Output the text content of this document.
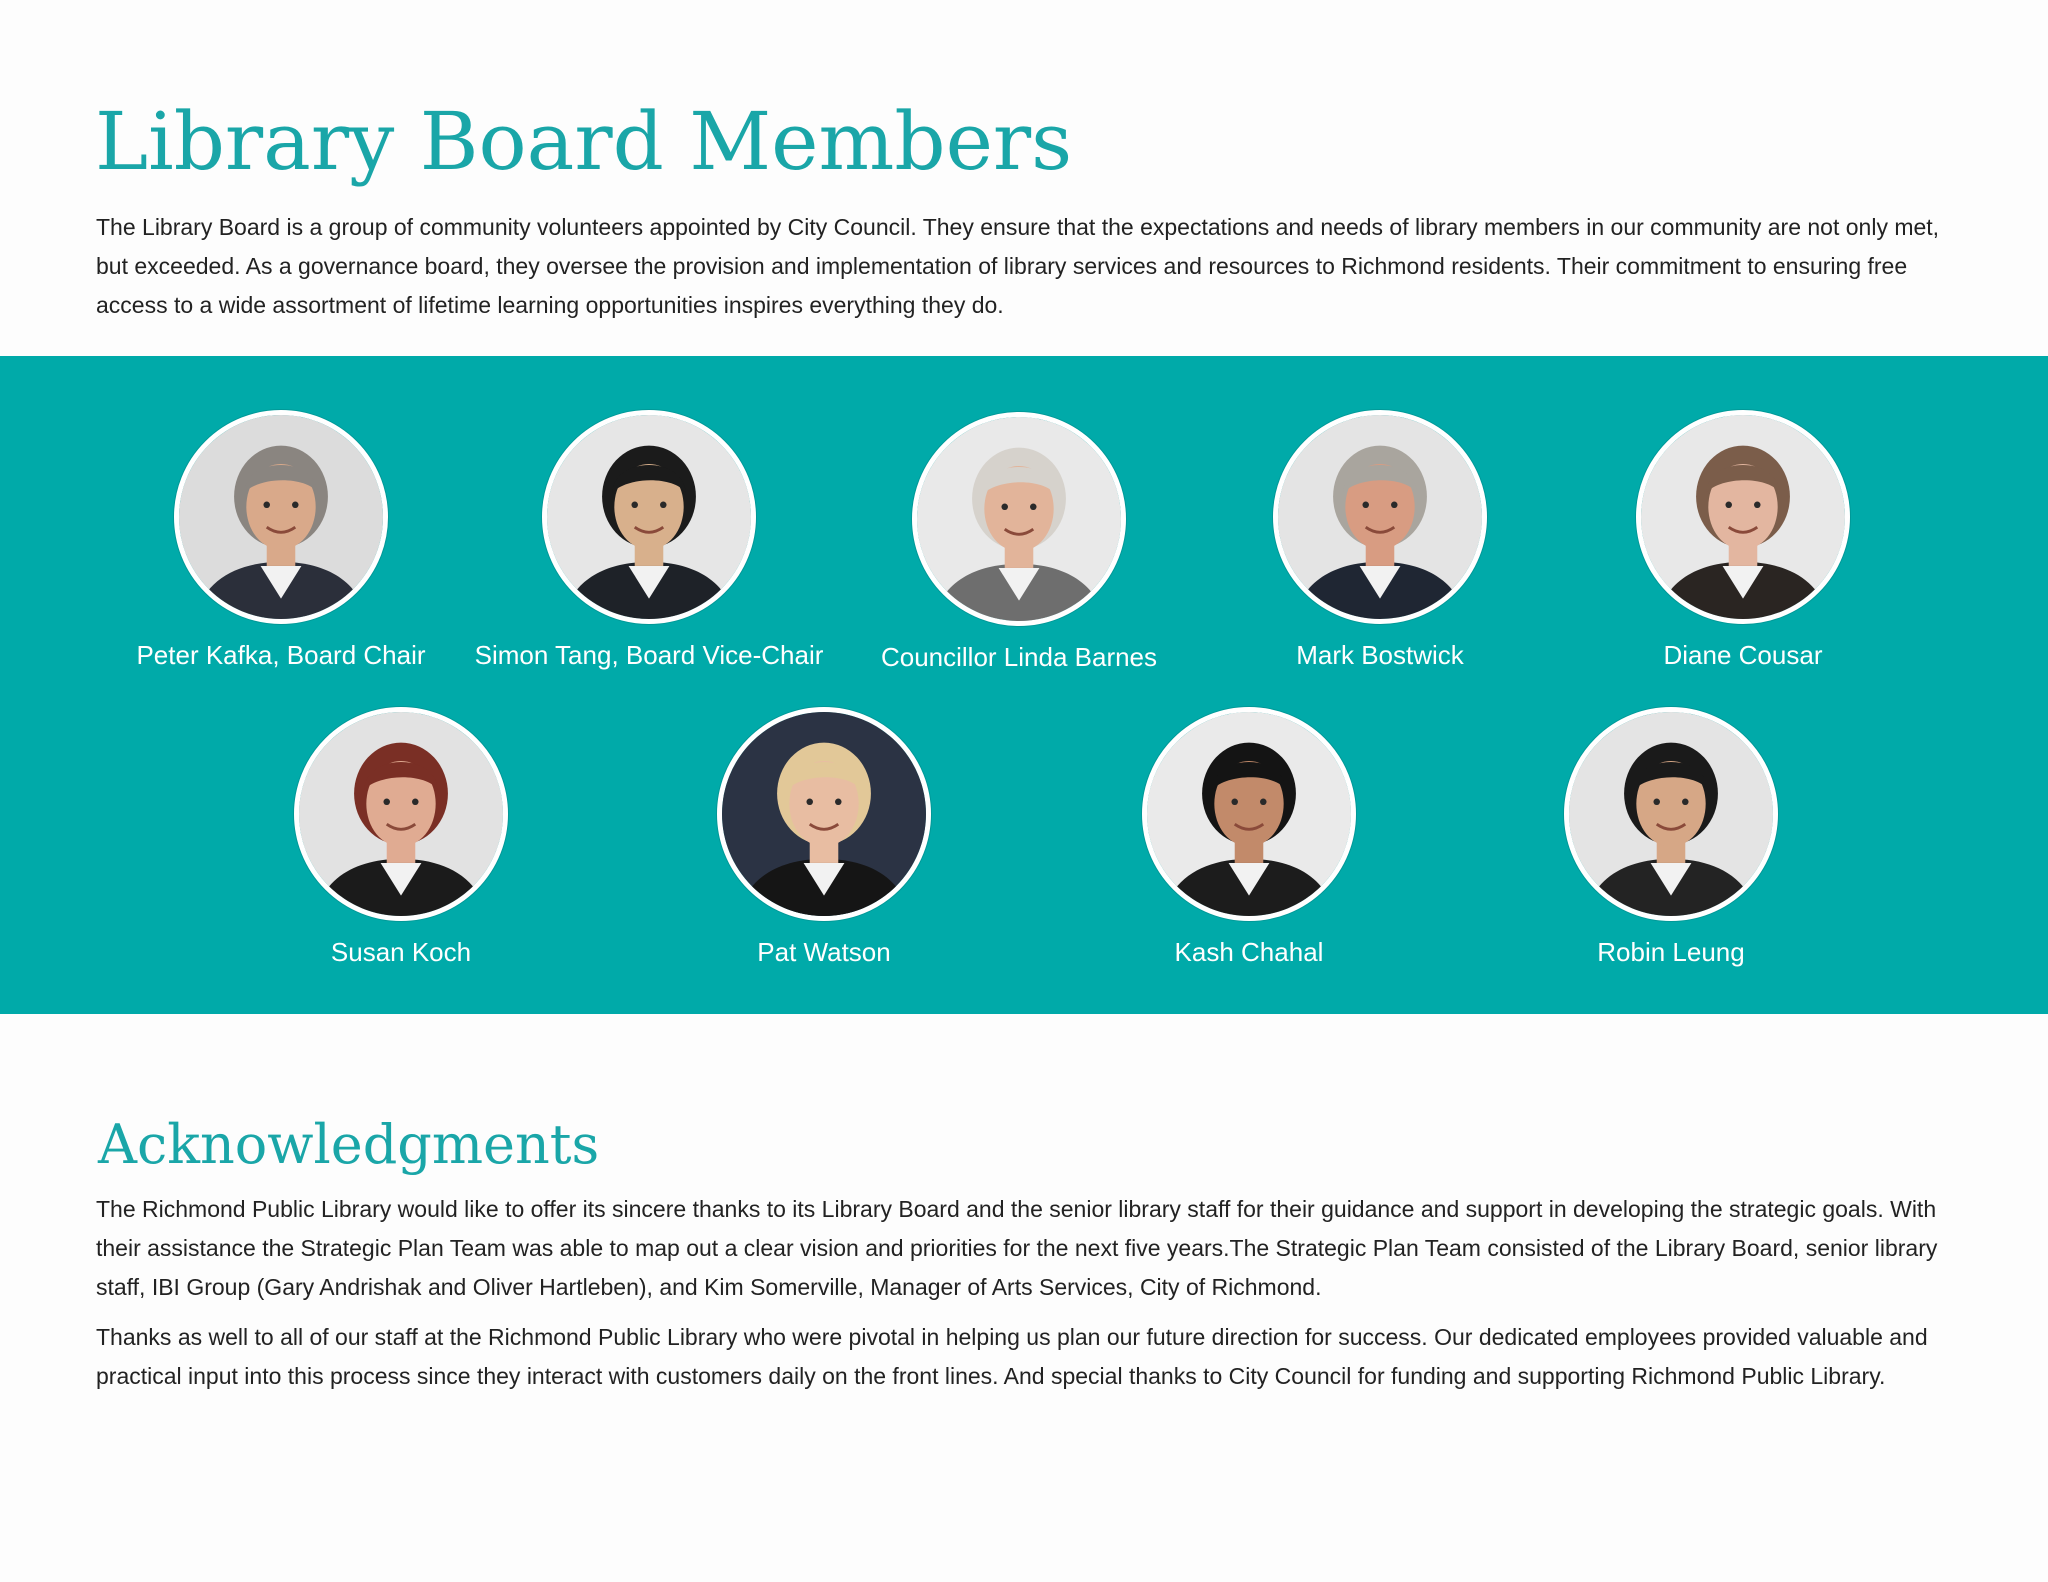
Library Board Members

The Library Board is a group of community volunteers appointed by City Council. They ensure that the expectations and needs of library members in our community are not only met, but exceeded. As a governance board, they oversee the provision and implementation of library services and resources to Richmond residents. Their commitment to ensuring free access to a wide assortment of lifetime learning opportunities inspires everything they do.

Peter Kafka, Board Chair Simon Tang, Board Vice-Chair Councillor Linda Barnes	Mark Bostwick	Diane Cousar
Susan Koch	Pat Watson	Kash Chahal	Robin Leung
Acknowledgments

The Richmond Public Library would like to offer its sincere thanks to its Library Board and the senior library staff for their guidance and support in developing the strategic goals. With their assistance the Strategic Plan Team was able to map out a clear vision and priorities for the next five years.The Strategic Plan Team consisted of the Library Board, senior library staff, IBI Group (Gary Andrishak and Oliver Hartleben), and Kim Somerville, Manager of Arts Services, City of Richmond.

Thanks as well to all of our staff at the Richmond Public Library who were pivotal in helping us plan our future direction for success. Our dedicated employees provided valuable and practical input into this process since they interact with customers daily on the front lines. And special thanks to City Council for funding and supporting Richmond Public Library.
